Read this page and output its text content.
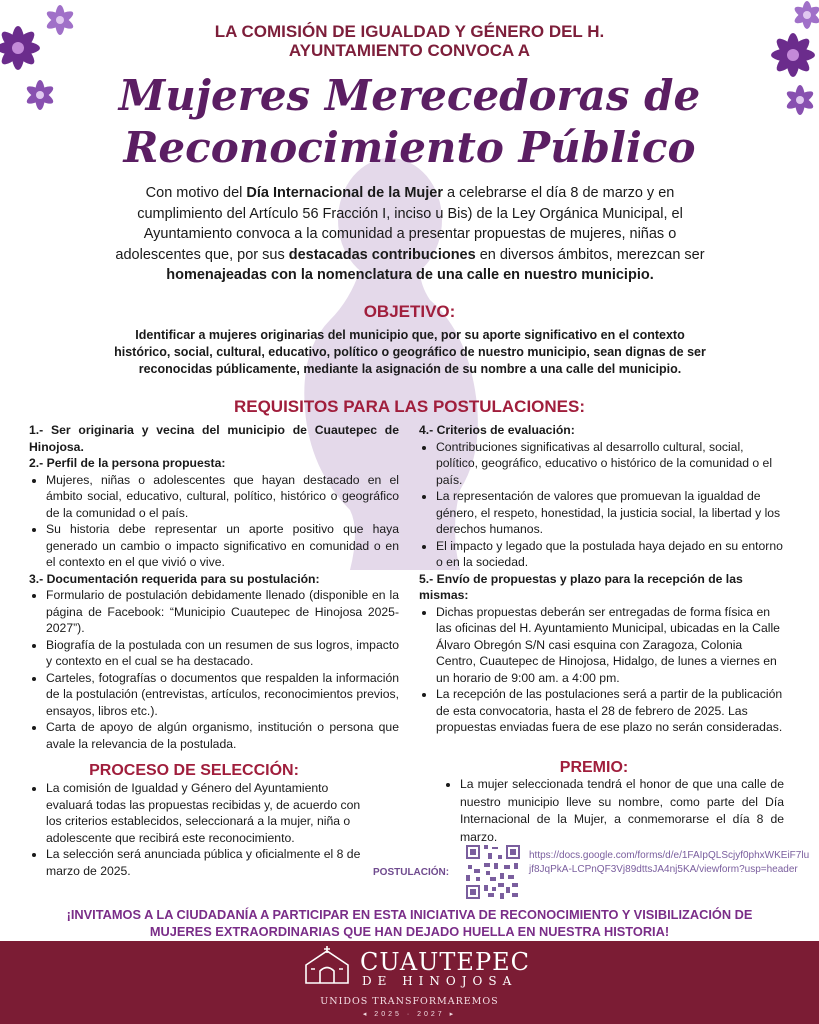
LA COMISIÓN DE IGUALDAD Y GÉNERO DEL H.
AYUNTAMIENTO CONVOCA A
Mujeres Merecedoras de
Reconocimiento Público
Con motivo del Día Internacional de la Mujer a celebrarse el día 8 de marzo y en cumplimiento del Artículo 56 Fracción I, inciso u Bis) de la Ley Orgánica Municipal, el Ayuntamiento convoca a la comunidad a presentar propuestas de mujeres, niñas o adolescentes que, por sus destacadas contribuciones en diversos ámbitos, merezcan ser homenajeadas con la nomenclatura de una calle en nuestro municipio.
OBJETIVO:
Identificar a mujeres originarias del municipio que, por su aporte significativo en el contexto histórico, social, cultural, educativo, político o geográfico de nuestro municipio, sean dignas de ser reconocidas públicamente, mediante la asignación de su nombre a una calle del municipio.
REQUISITOS PARA LAS POSTULACIONES:

1.- Ser originaria y vecina del municipio de Cuautepec de Hinojosa.

2.- Perfil de la persona propuesta:

• Mujeres, niñas o adolescentes que hayan destacado en el ámbito social, educativo, cultural, político, histórico o geográfico de la comunidad o el país.
• Su historia debe representar un aporte positivo que haya generado un cambio o impacto significativo en comunidad o en el contexto en el que vivió o vive.

3.- Documentación requerida para su postulación:

• Formulario de postulación debidamente llenado (disponible en la página de Facebook: “Municipio Cuautepec de Hinojosa 2025-2027”).
• Biografía de la postulada con un resumen de sus logros, impacto y contexto en el cual se ha destacado.
• Carteles, fotografías o documentos que respalden la información de la postulación (entrevistas, artículos, reconocimientos previos, ensayos, libros etc.).
• Carta de apoyo de algún organismo, institución o persona que avale la relevancia de la postulada.

4.- Criterios de evaluación:

• Contribuciones significativas al desarrollo cultural, social, político, geográfico, educativo o histórico de la comunidad o el país.
• La representación de valores que promuevan la igualdad de género, el respeto, honestidad, la justicia social, la libertad y los derechos humanos.
• El impacto y legado que la postulada haya dejado en su entorno o en la sociedad.

5.- Envío de propuestas y plazo para la recepción de las mismas:

• Dichas propuestas deberán ser entregadas de forma física en las oficinas del H. Ayuntamiento Municipal, ubicadas en la Calle Álvaro Obregón S/N casi esquina con Zaragoza, Colonia Centro, Cuautepec de Hinojosa, Hidalgo, de lunes a viernes en un horario de 9:00 am. a 4:00 pm.
• La recepción de las postulaciones será a partir de la publicación de esta convocatoria, hasta el 28 de febrero de 2025. Las propuestas enviadas fuera de ese plazo no serán consideradas.
PROCESO DE SELECCIÓN:
• La comisión de Igualdad y Género del Ayuntamiento evaluará todas las propuestas recibidas y, de acuerdo con los criterios establecidos, seleccionará a la mujer, niña o adolescente que recibirá este reconocimiento.
• La selección será anunciada pública y oficialmente el 8 de marzo de 2025.
PREMIO:
• La mujer seleccionada tendrá el honor de que una calle de nuestro municipio lleve su nombre, como parte del Día Internacional de la Mujer, a conmemorarse el día 8 de marzo.
POSTULACIÓN:
https://docs.google.com/forms/d/e/1FAIpQLScjyf0phxWKEiF7lujf8JqPkA-LCPnQF3Vj89dttsJA4nj5KA/viewform?usp=header
¡INVITAMOS A LA CIUDADANÍA A PARTICIPAR EN ESTA INICIATIVA DE RECONOCIMIENTO Y VISIBILIZACIÓN DE
MUJERES EXTRAORDINARIAS QUE HAN DEJADO HUELLA EN NUESTRA HISTORIA!
CUAUTEPEC
DE HINOJOSA
UNIDOS TRANSFORMAREMOS
◂ 2025 · 2027 ▸
